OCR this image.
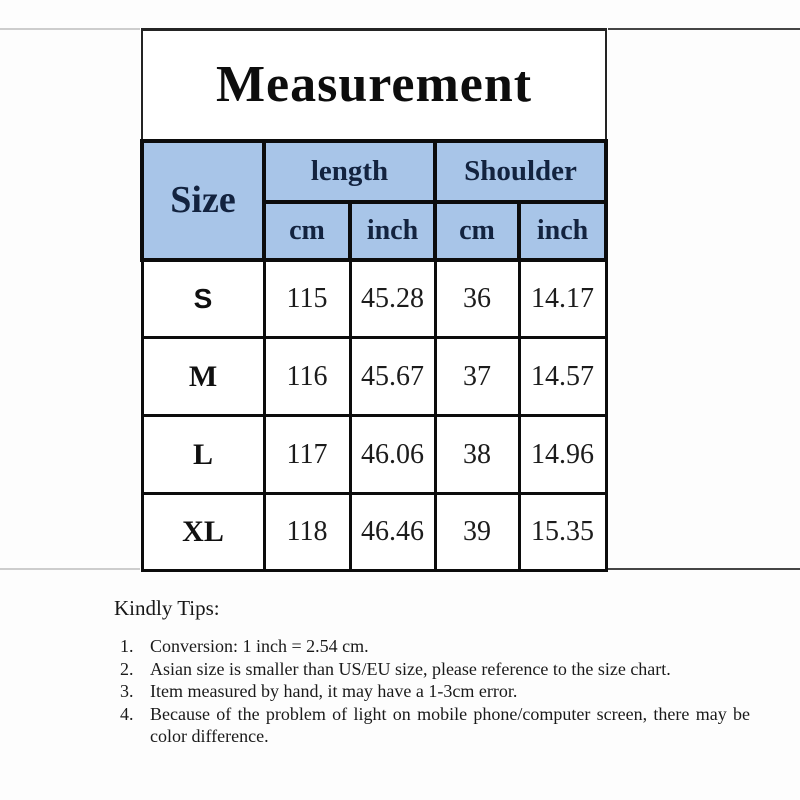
Measurement				
Size	length		Shoulder	
	cm	inch	cm	inch
S	115	45.28	36	14.17
M	116	45.67	37	14.57
L	117	46.06	38	14.96
XL	118	46.46	39	15.35
Kindly Tips:
1. Conversion: 1 inch = 2.54 cm.
2. Asian size is smaller than US/EU size, please reference to the size chart.
3. Item measured by hand, it may have a 1-3cm error.
4. Because of the problem of light on mobile phone/computer screen, there may be color difference.
